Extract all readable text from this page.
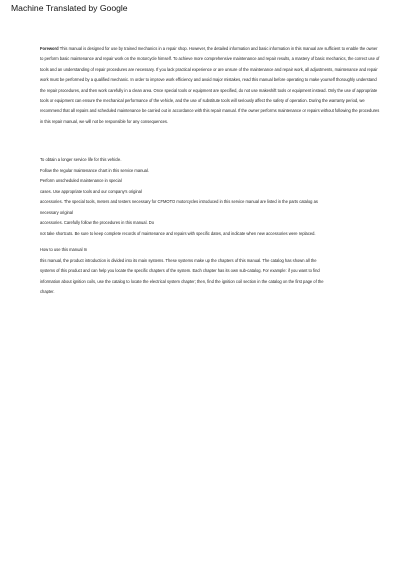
Machine Translated by Google
Foreword This manual is designed for use by trained mechanics in a repair shop. However, the detailed information and basic information in this manual are sufficient to enable the owner to perform basic maintenance and repair work on the motorcycle himself. To achieve more comprehensive maintenance and repair results, a mastery of basic mechanics, the correct use of tools and an understanding of repair procedures are necessary. If you lack practical experience or are unsure of the maintenance and repair work, all adjustments, maintenance and repair work must be performed by a qualified mechanic. In order to improve work efficiency and avoid major mistakes, read this manual before operating to make yourself thoroughly understand the repair procedures, and then work carefully in a clean area. Once special tools or equipment are specified, do not use makeshift tools or equipment instead. Only the use of appropriate tools or equipment can ensure the mechanical performance of the vehicle, and the use of substitute tools will seriously affect the safety of operation. During the warranty period, we recommend that all repairs and scheduled maintenance be carried out in accordance with this repair manual. If the owner performs maintenance or repairs without following the procedures in this repair manual, we will not be responsible for any consequences.

To obtain a longer service life for this vehicle.

Follow the regular maintenance chart in this service manual.

Perform unscheduled maintenance in special

cases. Use appropriate tools and our company's original

accessories. The special tools, meters and testers necessary for CFMOTO motorcycles introduced in this service manual are listed in the parts catalog as

necessary original

accessories. Carefully follow the procedures in this manual. Do

not take shortcuts. Be sure to keep complete records of maintenance and repairs with specific dates, and indicate when new accessories were replaced.

How to use this manual In

this manual, the product introduction is divided into its main systems. These systems make up the chapters of this manual. The catalog has shown all the

systems of this product and can help you locate the specific chapters of the system. Each chapter has its own sub-catalog. For example: if you want to find

information about ignition coils, use the catalog to locate the electrical system chapter; then, find the ignition coil section in the catalog on the first page of the

chapter.
